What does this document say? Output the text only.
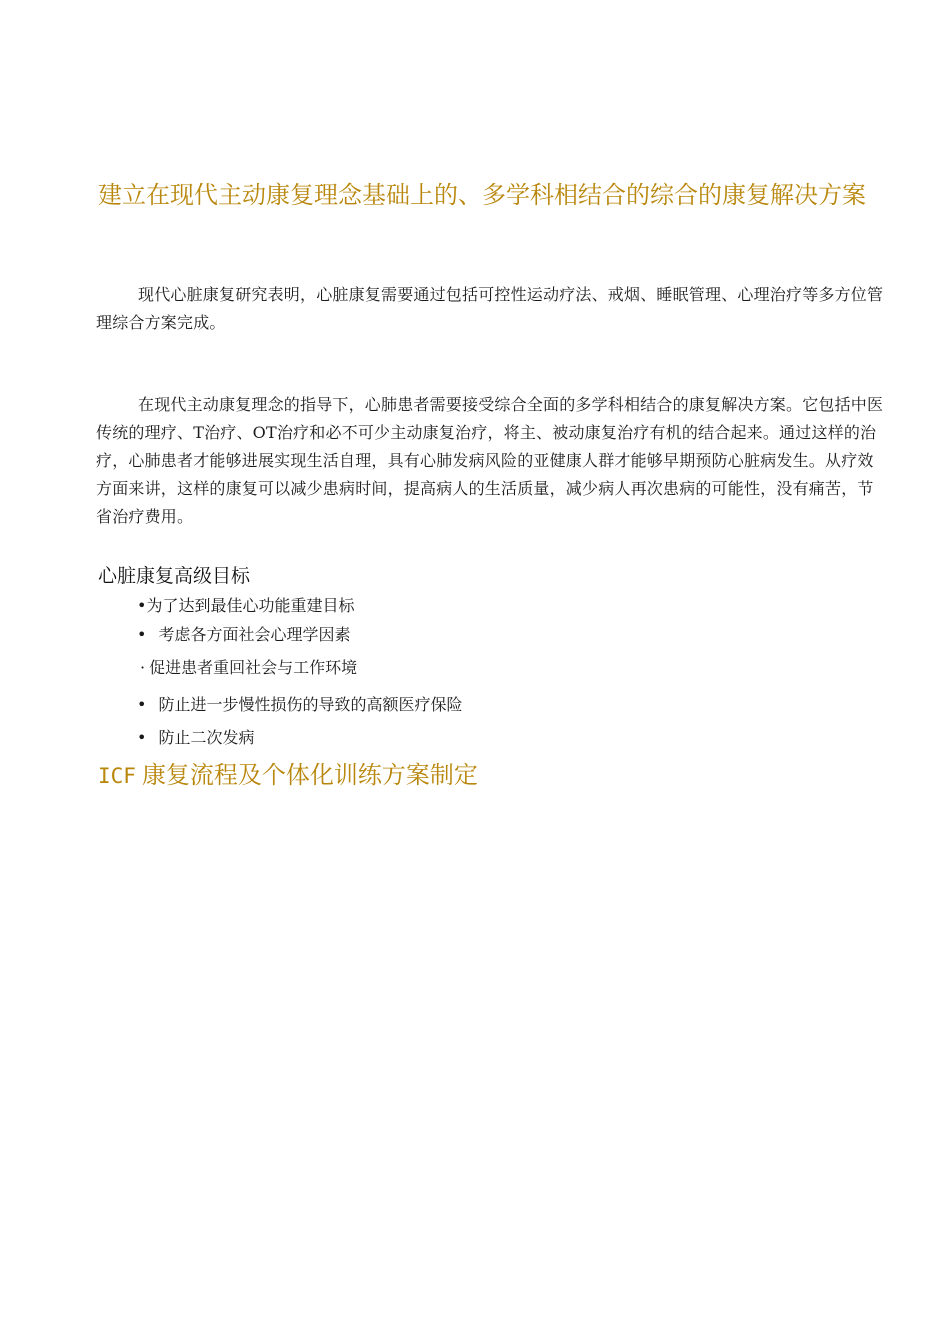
建立在现代主动康复理念基础上的、多学科相结合的综合的康复解决方案

现代心脏康复研究表明，心脏康复需要通过包括可控性运动疗法、戒烟、睡眠管理、心理治疗等多方位管理综合方案完成。

在现代主动康复理念的指导下，心肺患者需要接受综合全面的多学科相结合的康复解决方案。它包括中医传统的理疗、T治疗、OT治疗和必不可少主动康复治疗，将主、被动康复治疗有机的结合起来。通过这样的治疗，心肺患者才能够进展实现生活自理，具有心肺发病风险的亚健康人群才能够早期预防心脏病发生。从疗效方面来讲，这样的康复可以减少患病时间，提高病人的生活质量，减少病人再次患病的可能性，没有痛苦，节省治疗费用。

心脏康复高级目标
•为了达到最佳心功能重建目标
• 考虑各方面社会心理学因素
· 促进患者重回社会与工作环境
• 防止进一步慢性损伤的导致的高额医疗保险
• 防止二次发病
ICF 康复流程及个体化训练方案制定
